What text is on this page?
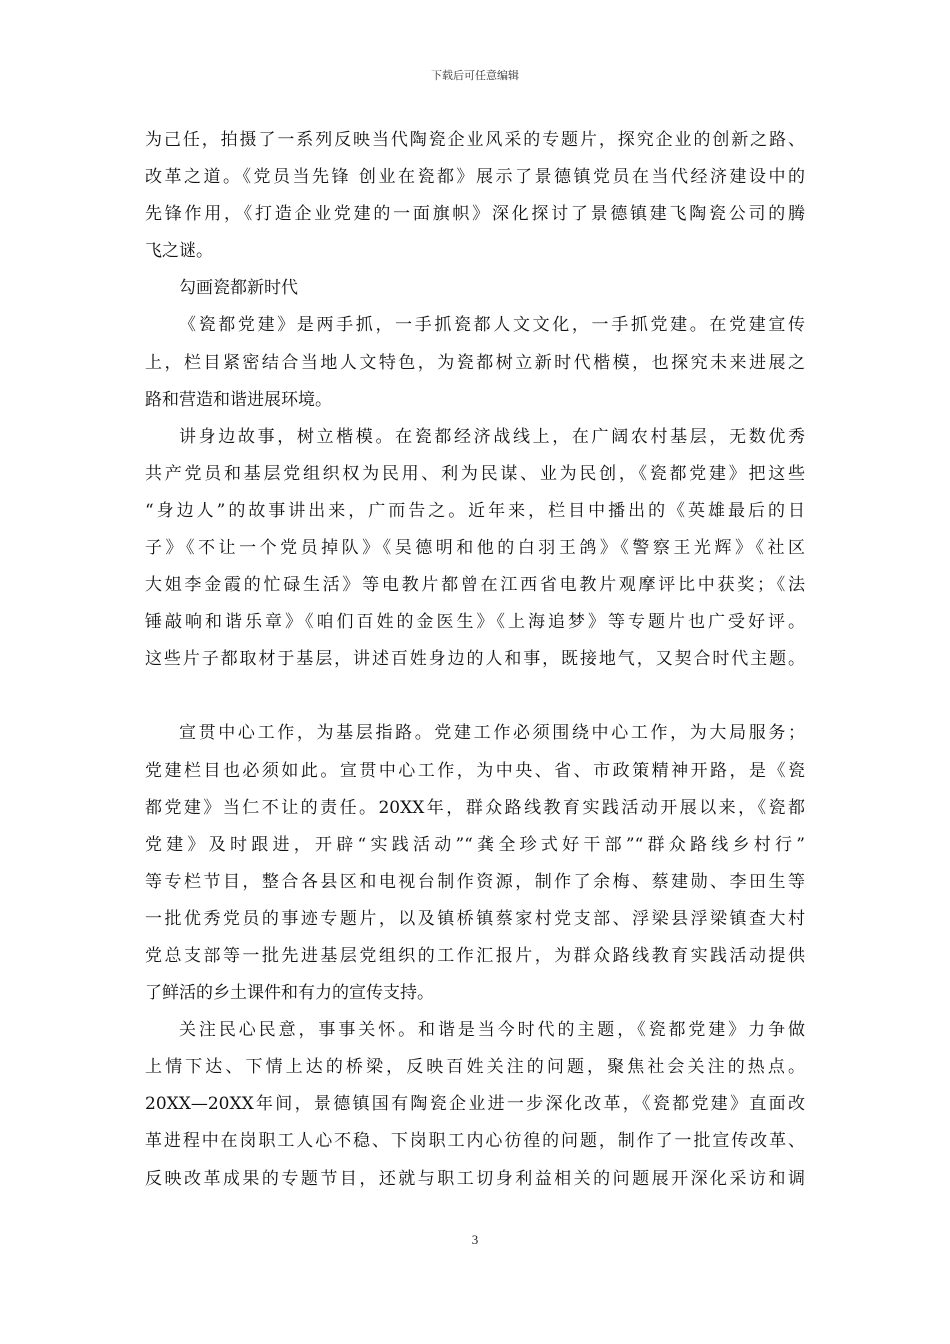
下载后可任意编辑
为己任，拍摄了一系列反映当代陶瓷企业风采的专题片，探究企业的创新之路、
改革之道。《党员当先锋 创业在瓷都》展示了景德镇党员在当代经济建设中的
先锋作用，《打造企业党建的一面旗帜》深化探讨了景德镇建飞陶瓷公司的腾
飞之谜。
勾画瓷都新时代
《瓷都党建》是两手抓，一手抓瓷都人文文化，一手抓党建。在党建宣传
上，栏目紧密结合当地人文特色，为瓷都树立新时代楷模，也探究未来进展之
路和营造和谐进展环境。
讲身边故事，树立楷模。在瓷都经济战线上，在广阔农村基层，无数优秀
共产党员和基层党组织权为民用、利为民谋、业为民创，《瓷都党建》把这些
“身边人”的故事讲出来，广而告之。近年来，栏目中播出的《英雄最后的日
子》《不让一个党员掉队》《吴德明和他的白羽王鸽》《警察王光辉》《社区
大姐李金霞的忙碌生活》等电教片都曾在江西省电教片观摩评比中获奖；《法
锤敲响和谐乐章》《咱们百姓的金医生》《上海追梦》等专题片也广受好评。
这些片子都取材于基层，讲述百姓身边的人和事，既接地气，又契合时代主题。
宣贯中心工作，为基层指路。党建工作必须围绕中心工作，为大局服务；
党建栏目也必须如此。宣贯中心工作，为中央、省、市政策精神开路，是《瓷
都党建》当仁不让的责任。20XX年，群众路线教育实践活动开展以来，《瓷都
党建》及时跟进，开辟“实践活动”“龚全珍式好干部”“群众路线乡村行”
等专栏节目，整合各县区和电视台制作资源，制作了余梅、蔡建勋、李田生等
一批优秀党员的事迹专题片，以及镇桥镇蔡家村党支部、浮梁县浮梁镇查大村
党总支部等一批先进基层党组织的工作汇报片，为群众路线教育实践活动提供
了鲜活的乡土课件和有力的宣传支持。
关注民心民意，事事关怀。和谐是当今时代的主题，《瓷都党建》力争做
上情下达、下情上达的桥梁，反映百姓关注的问题，聚焦社会关注的热点。
20XX—20XX年间，景德镇国有陶瓷企业进一步深化改革，《瓷都党建》直面改
革进程中在岗职工人心不稳、下岗职工内心彷徨的问题，制作了一批宣传改革、
反映改革成果的专题节目，还就与职工切身利益相关的问题展开深化采访和调
3
